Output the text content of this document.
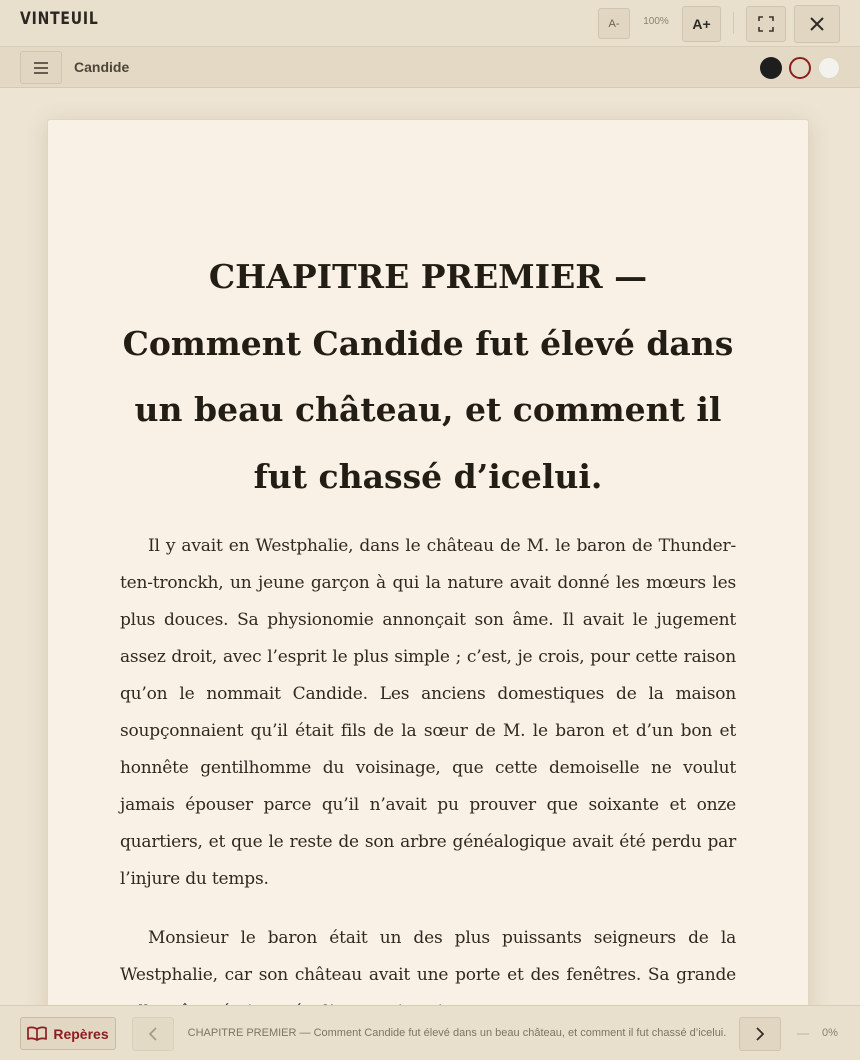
VINTEUIL	A-	100%	A+
Candide
CHAPITRE PREMIER — Comment Candide fut élevé dans un beau château, et comment il fut chassé d’icelui.

Il y avait en Westphalie, dans le château de M. le baron de Thunder-ten-tronckh, un jeune garçon à qui la nature avait donné les mœurs les plus douces. Sa physionomie annonçait son âme. Il avait le jugement assez droit, avec l’esprit le plus simple ; c’est, je crois, pour cette raison qu’on le nommait Candide. Les anciens domestiques de la maison soupçonnaient qu’il était fils de la sœur de M. le baron et d’un bon et honnête gentilhomme du voisinage, que cette demoiselle ne voulut jamais épouser parce qu’il n’avait pu prouver que soixante et onze quartiers, et que le reste de son arbre généalogique avait été perdu par l’injure du temps.

Monsieur le baron était un des plus puissants seigneurs de la Westphalie, car son château avait une porte et des fenêtres. Sa grande

Repères	CHAPITRE PREMIER — Comment Candide fut élevé dans un beau château, et comment il fut chassé d’icelui.	0%
